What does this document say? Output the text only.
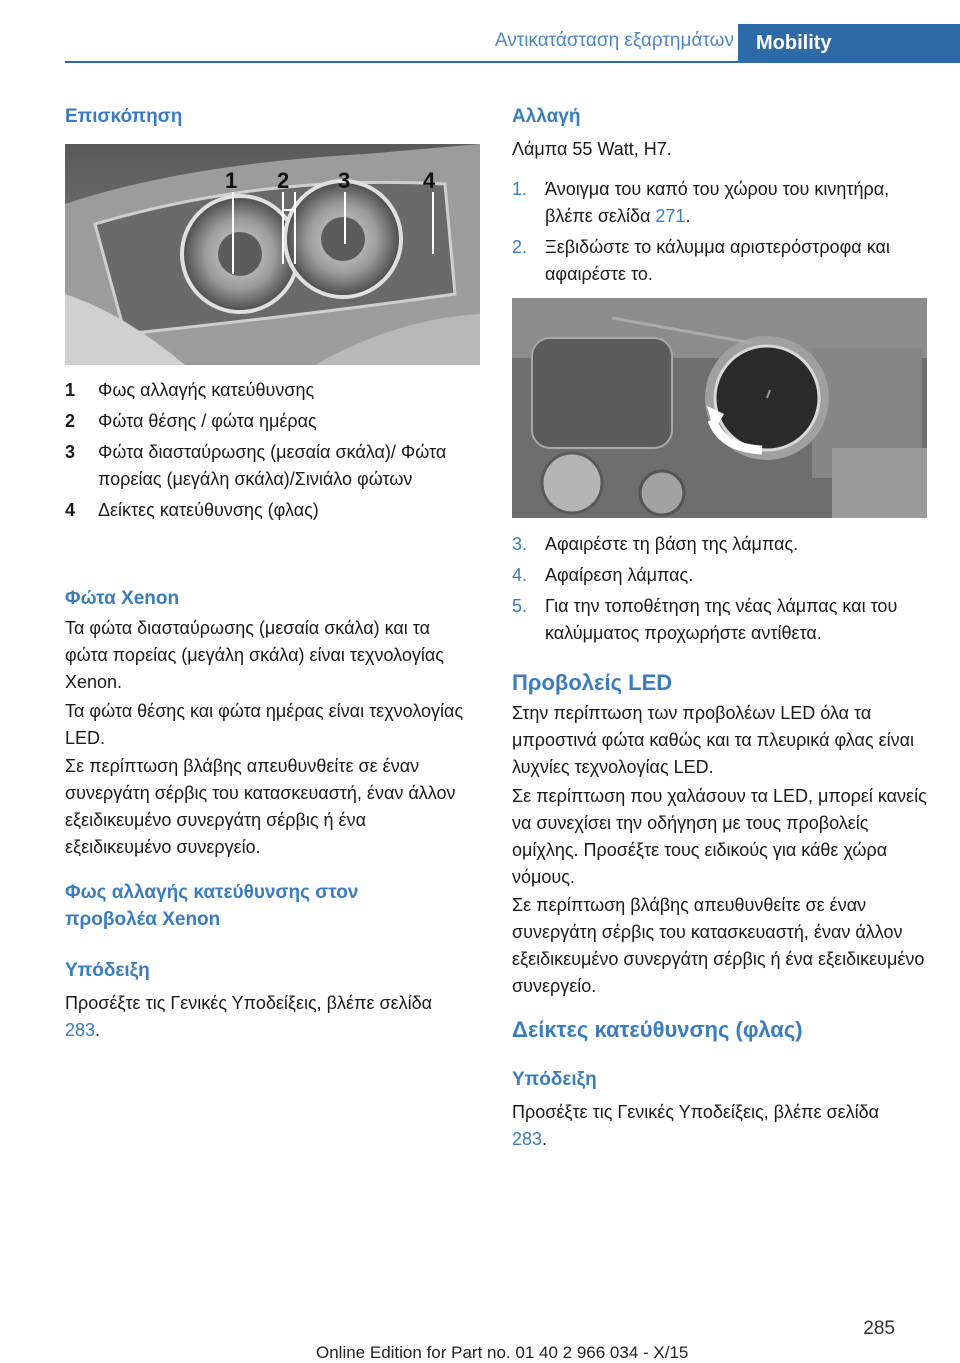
Αντικατάσταση εξαρτημάτων	Mobility
Επισκόπηση
1 2 3	4
1	Φως αλλαγής κατεύθυνσης
2	Φώτα θέσης / φώτα ημέρας
3	Φώτα διασταύρωσης (μεσαία σκάλα)/ Φώτα πορείας (μεγάλη σκάλα)/Σινιάλο φώτων
4	Δείκτες κατεύθυνσης (φλας)
Φώτα Xenon

Τα φώτα διασταύρωσης (μεσαία σκάλα) και τα φώτα πορείας (μεγάλη σκάλα) είναι τεχνολογίας Xenon.

Τα φώτα θέσης και φώτα ημέρας είναι τεχνολογίας LED.

Σε περίπτωση βλάβης απευθυνθείτε σε έναν συνεργάτη σέρβις του κατασκευαστή, έναν άλλον εξειδικευμένο συνεργάτη σέρβις ή ένα εξειδικευμένο συνεργείο.

Φως αλλαγής κατεύθυνσης στον
προβολέα Xenon
Υπόδειξη

Προσέξτε τις Γενικές Υποδείξεις, βλέπε σελίδα 283.

Αλλαγή

Λάμπα 55 Watt, H7.

1. Άνοιγμα του καπό του χώρου του κινητήρα, βλέπε σελίδα 271.
2. Ξεβιδώστε το κάλυμμα αριστερόστροφα και αφαιρέστε το.
3. Αφαιρέστε τη βάση της λάμπας.
4. Αφαίρεση λάμπας.
5. Για την τοποθέτηση της νέας λάμπας και του καλύμματος προχωρήστε αντίθετα.
Προβολείς LED

Στην περίπτωση των προβολέων LED όλα τα μπροστινά φώτα καθώς και τα πλευρικά φλας είναι λυχνίες τεχνολογίας LED.

Σε περίπτωση που χαλάσουν τα LED, μπορεί κανείς να συνεχίσει την οδήγηση με τους προβολείς ομίχλης. Προσέξτε τους ειδικούς για κάθε χώρα νόμους.

Σε περίπτωση βλάβης απευθυνθείτε σε έναν συνεργάτη σέρβις του κατασκευαστή, έναν άλλον εξειδικευμένο συνεργάτη σέρβις ή ένα εξειδικευμένο συνεργείο.

Δείκτες κατεύθυνσης (φλας)
Υπόδειξη

Προσέξτε τις Γενικές Υποδείξεις, βλέπε σελίδα 283.

285
Online Edition for Part no. 01 40 2 966 034 - X/15
